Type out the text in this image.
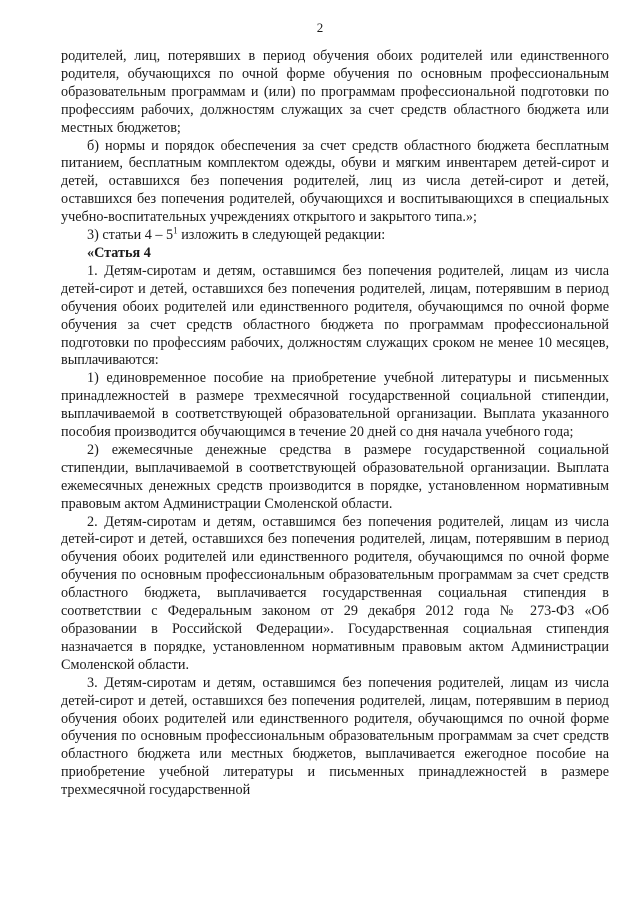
2

родителей, лиц, потерявших в период обучения обоих родителей или единственного родителя, обучающихся по очной форме обучения по основным профессиональным образовательным программам и (или) по программам профессиональной подготовки по профессиям рабочих, должностям служащих за счет средств областного бюджета или местных бюджетов;

б) нормы и порядок обеспечения за счет средств областного бюджета бесплатным питанием, бесплатным комплектом одежды, обуви и мягким инвентарем детей-сирот и детей, оставшихся без попечения родителей, лиц из числа детей-сирот и детей, оставшихся без попечения родителей, обучающихся и воспитывающихся в специальных учебно-воспитательных учреждениях открытого и закрытого типа.»;

3) статьи $4 - 5^1$ изложить в следующей редакции:

«Статья 4

1. Детям-сиротам и детям, оставшимся без попечения родителей, лицам из числа детей-сирот и детей, оставшихся без попечения родителей, лицам, потерявшим в период обучения обоих родителей или единственного родителя, обучающимся по очной форме обучения за счет средств областного бюджета по программам профессиональной подготовки по профессиям рабочих, должностям служащих сроком не менее 10 месяцев, выплачиваются:

1) единовременное пособие на приобретение учебной литературы и письменных принадлежностей в размере трехмесячной государственной социальной стипендии, выплачиваемой в соответствующей образовательной организации. Выплата указанного пособия производится обучающимся в течение 20 дней со дня начала учебного года;

2) ежемесячные денежные средства в размере государственной социальной стипендии, выплачиваемой в соответствующей образовательной организации. Выплата ежемесячных денежных средств производится в порядке, установленном нормативным правовым актом Администрации Смоленской области.

2. Детям-сиротам и детям, оставшимся без попечения родителей, лицам из числа детей-сирот и детей, оставшихся без попечения родителей, лицам, потерявшим в период обучения обоих родителей или единственного родителя, обучающимся по очной форме обучения по основным профессиональным образовательным программам за счет средств областного бюджета, выплачивается государственная социальная стипендия в соответствии с Федеральным законом от 29 декабря 2012 года № 273-ФЗ «Об образовании в Российской Федерации». Государственная социальная стипендия назначается в порядке, установленном нормативным правовым актом Администрации Смоленской области.

3. Детям-сиротам и детям, оставшимся без попечения родителей, лицам из числа детей-сирот и детей, оставшихся без попечения родителей, лицам, потерявшим в период обучения обоих родителей или единственного родителя, обучающимся по очной форме обучения по основным профессиональным образовательным программам за счет средств областного бюджета или местных бюджетов, выплачивается ежегодное пособие на приобретение учебной литературы и письменных принадлежностей в размере трехмесячной государственной
